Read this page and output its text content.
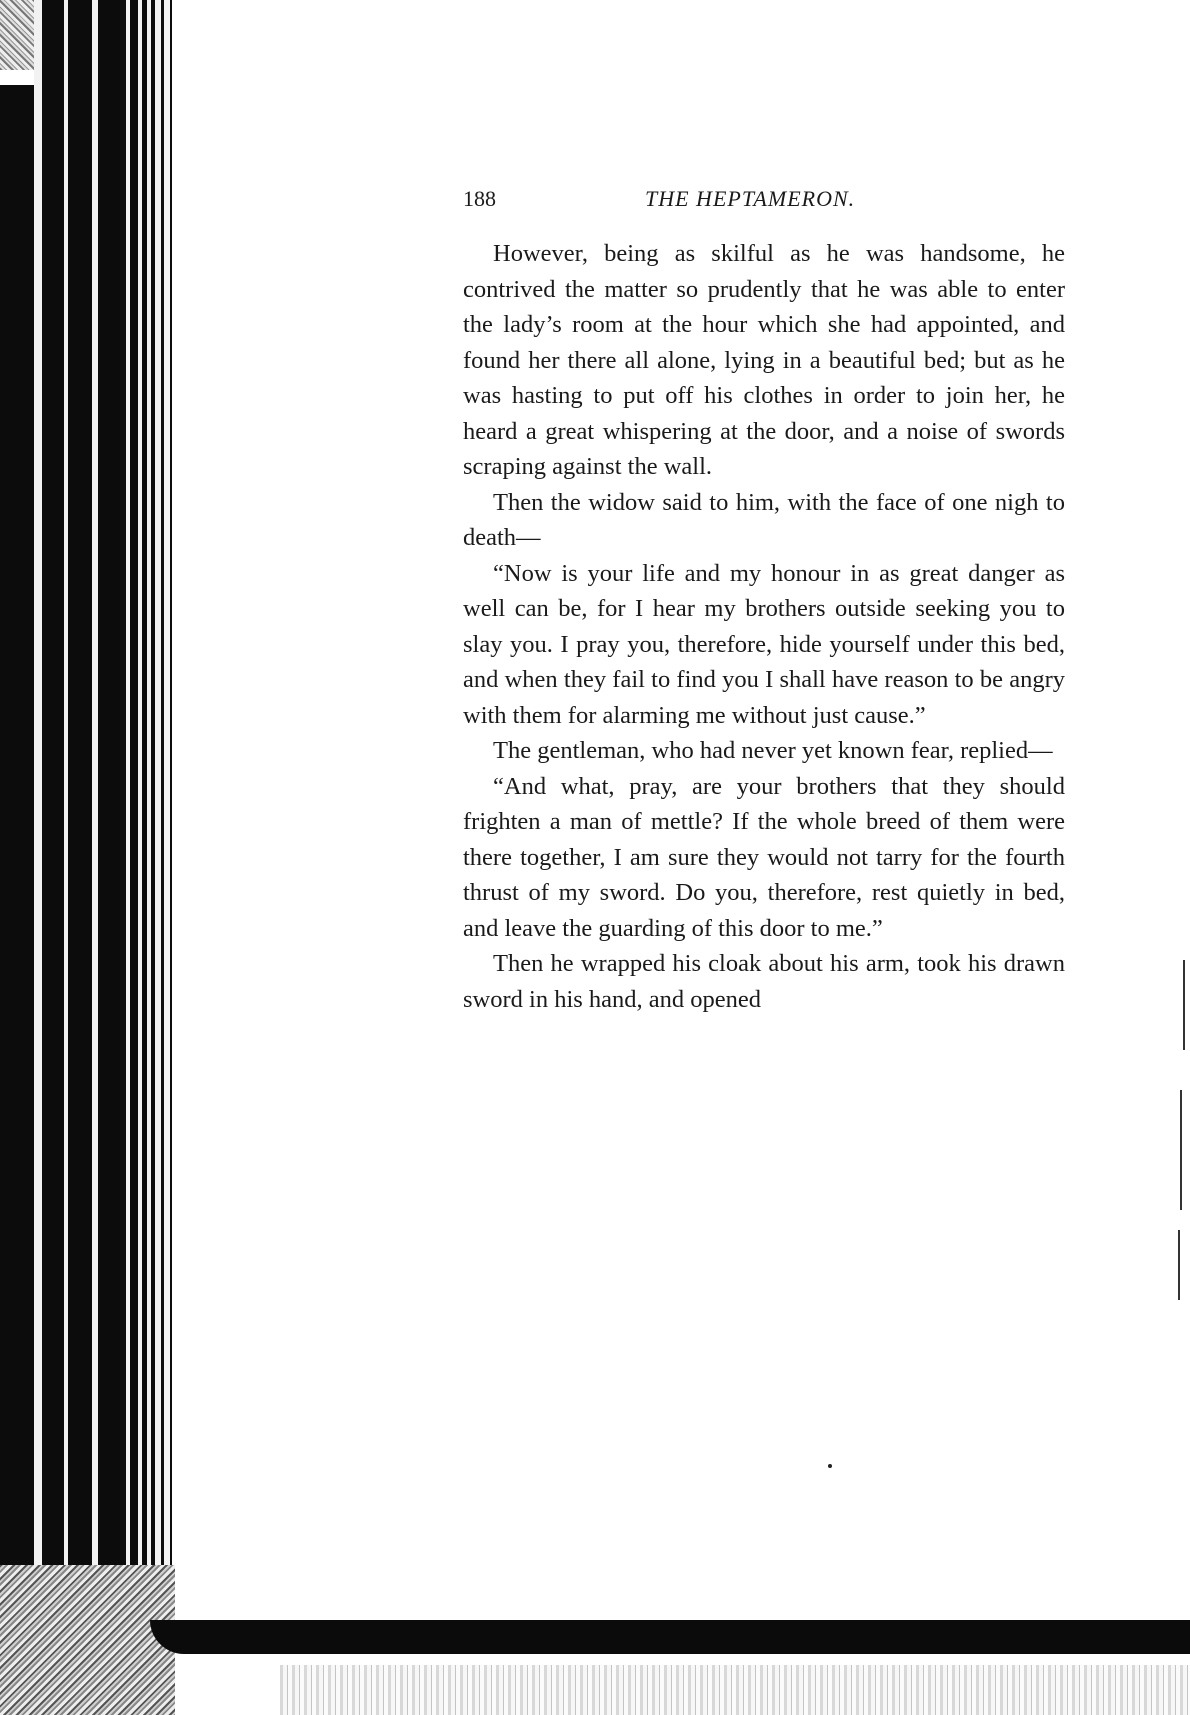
188	THE HEPTAMERON.

However, being as skilful as he was handsome, he contrived the matter so prudently that he was able to enter the lady’s room at the hour which she had appointed, and found her there all alone, lying in a beautiful bed; but as he was hasting to put off his clothes in order to join her, he heard a great whispering at the door, and a noise of swords scraping against the wall.

Then the widow said to him, with the face of one nigh to death—

“Now is your life and my honour in as great danger as well can be, for I hear my brothers outside seeking you to slay you. I pray you, therefore, hide yourself under this bed, and when they fail to find you I shall have reason to be angry with them for alarming me without just cause.”

The gentleman, who had never yet known fear, replied—

“And what, pray, are your brothers that they should frighten a man of mettle? If the whole breed of them were there together, I am sure they would not tarry for the fourth thrust of my sword. Do you, therefore, rest quietly in bed, and leave the guarding of this door to me.”

Then he wrapped his cloak about his arm, took his drawn sword in his hand, and opened
